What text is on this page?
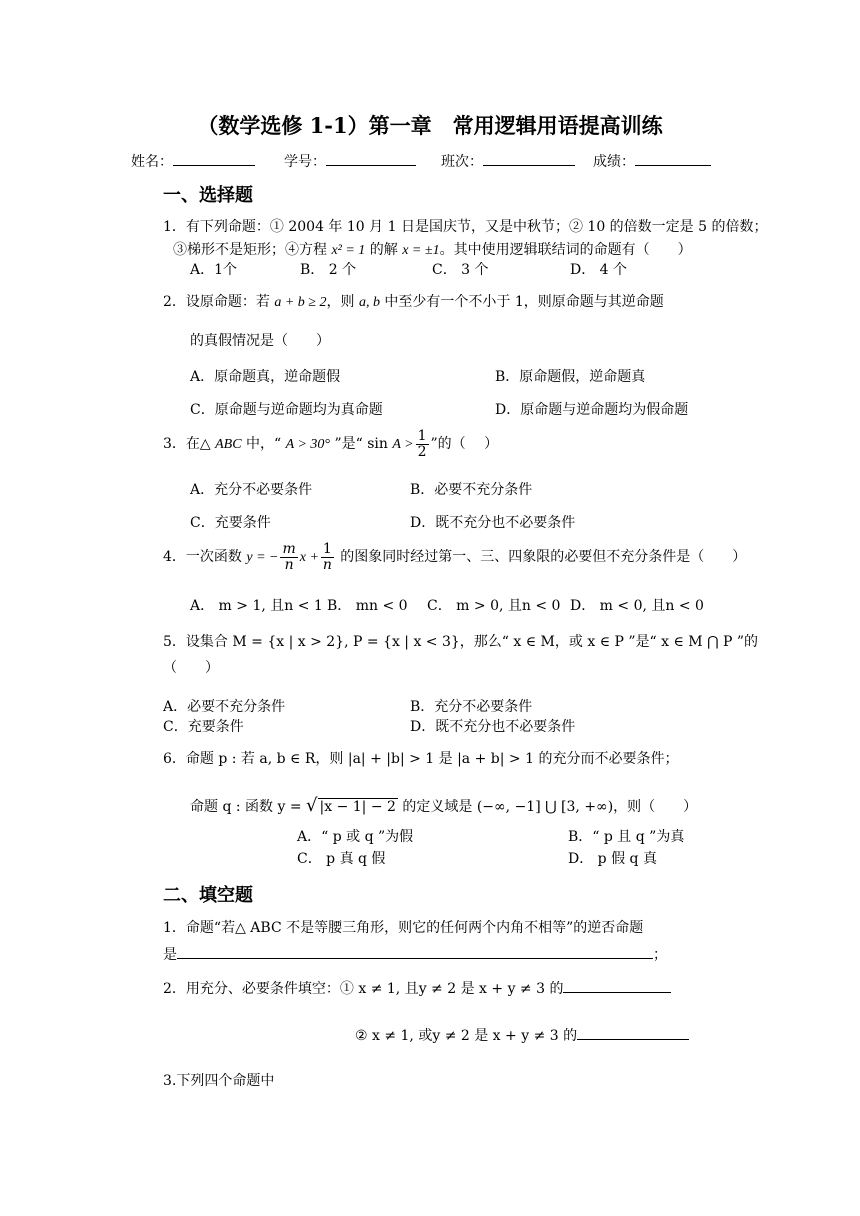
（数学选修 1-1）第一章　常用逻辑用语提高训练
姓名：	学号：	班次：	成绩：
一、选择题
1．有下列命题：① 2004 年 10 月 1 日是国庆节，又是中秋节；② 10 的倍数一定是 5 的倍数；
③梯形不是矩形；④方程 x² = 1 的解 x = ±1。其中使用逻辑联结词的命题有（　　）
A．1个	B． 2 个	C． 3 个	D． 4 个
2．设原命题：若 a + b ≥ 2，则 a, b 中至少有一个不小于 1，则原命题与其逆命题
的真假情况是（　　）
A．原命题真，逆命题假	B．原命题假，逆命题真
C．原命题与逆命题均为真命题	D．原命题与逆命题均为假命题
3．在△ ABC 中，“ A > 30° ”是“ $\sin A > \frac{1}{2}$ ”的（　 ）
A．充分不必要条件	B．必要不充分条件
C．充要条件	D．既不充分也不必要条件
4．一次函数 y = − $\frac{m}{n}$ $x + \frac{1}{n}$ 的图象同时经过第一、三、四象限的必要但不充分条件是（　　）
A． m > 1, 且n < 1 B． mn < 0 C． m > 0, 且n < 0 D． m < 0, 且n < 0
5．设集合 M = {x | x > 2}, P = {x | x < 3}，那么“ x ∈ M，或 x ∈ P ”是“ x ∈ M ⋂ P ”的
（　　）
A．必要不充分条件	B．充分不必要条件
C．充要条件	D．既不充分也不必要条件
6．命题 p : 若 a, b ∈ R，则 |a| + |b| > 1 是 |a + b| > 1 的充分而不必要条件；
命题 q : 函数 y = √ |x − 1| − 2 的定义域是 (−∞, −1] ⋃ [3, +∞)，则（　　）
A．“ p 或 q ”为假	B．“ p 且 q ”为真
C． p 真 q 假	D． p 假 q 真
二、填空题
1．命题“若△ ABC 不是等腰三角形，则它的任何两个内角不相等”的逆否命题
是	；
2．用充分、必要条件填空：① x ≠ 1, 且y ≠ 2 是 x + y ≠ 3 的
② x ≠ 1, 或y ≠ 2 是 x + y ≠ 3 的
3.下列四个命题中
